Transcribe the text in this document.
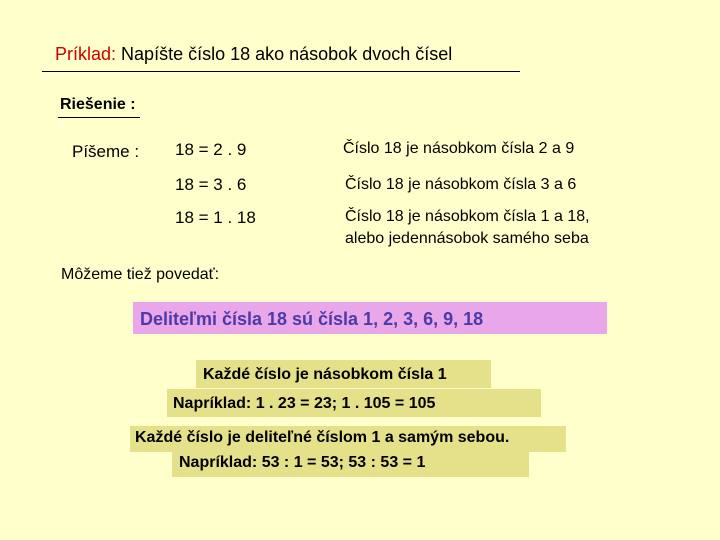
Príklad: Napíšte číslo 18 ako násobok dvoch čísel
Riešenie :
Píšeme : 18 = 2 . 9	Číslo 18 je násobkom čísla 2 a 9
18 = 3 . 6	Číslo 18 je násobkom čísla 3 a 6
18 = 1 . 18	Číslo 18 je násobkom čísla 1 a 18,
alebo jedennásobok samého seba
Môžeme tiež povedať:
Deliteľmi čísla 18 sú čísla 1, 2, 3, 6, 9, 18
Každé číslo je násobkom čísla 1
Napríklad: 1 . 23 = 23; 1 . 105 = 105
Každé číslo je deliteľné číslom 1 a samým sebou.
Napríklad: 53 : 1 = 53; 53 : 53 = 1
